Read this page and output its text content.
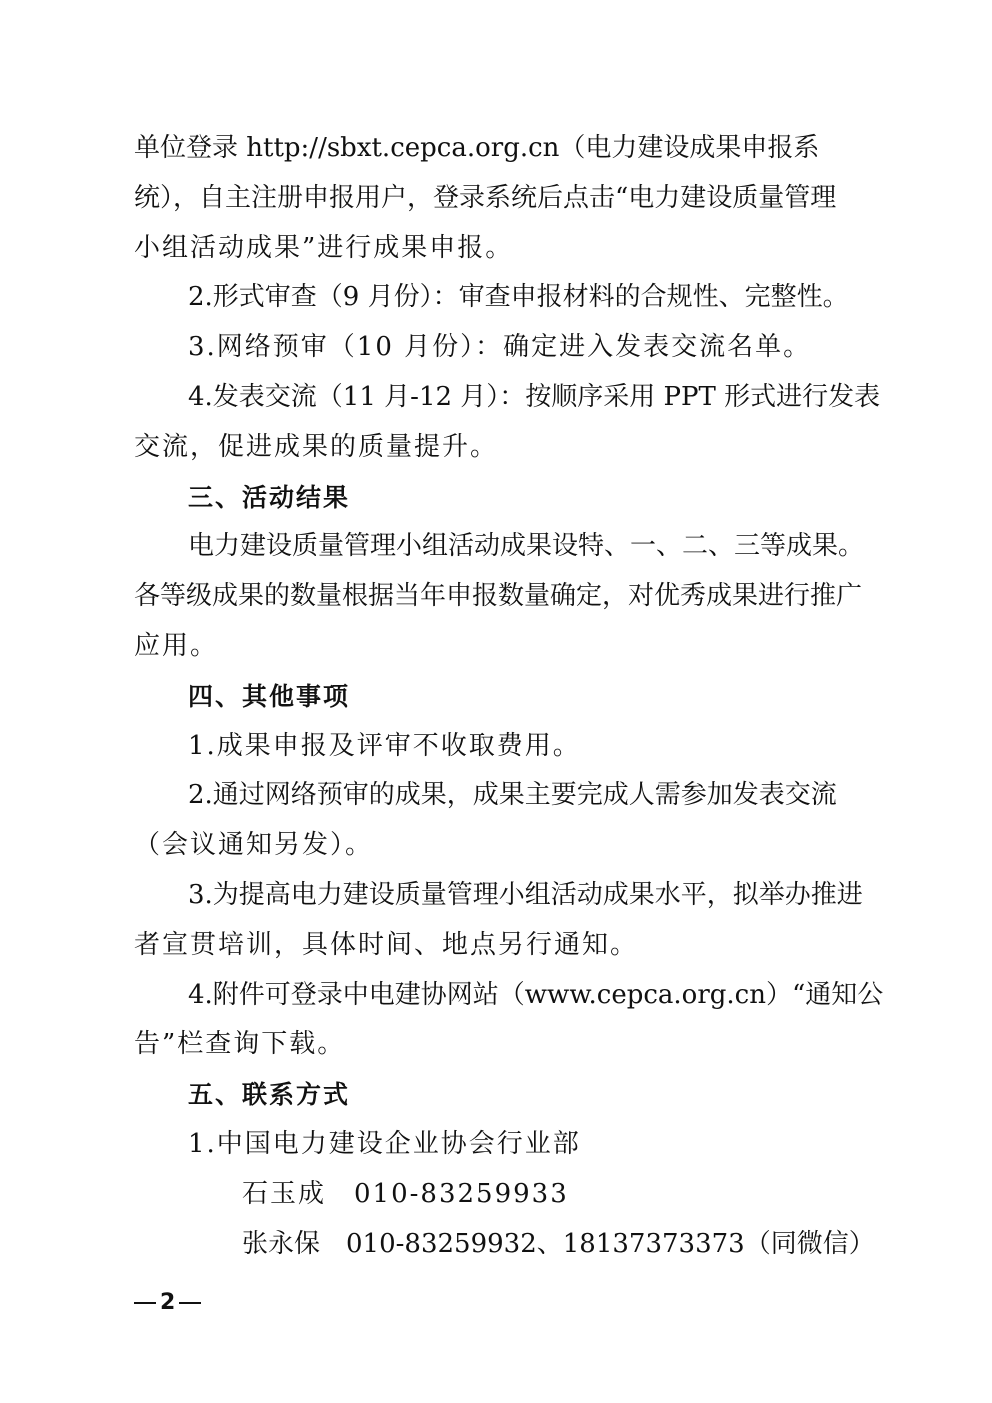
单位登录 http://sbxt.cepca.org.cn（电力建设成果申报系
统），自主注册申报用户，登录系统后点击“电力建设质量管理
小组活动成果”进行成果申报。
2.形式审查（9 月份）：审查申报材料的合规性、完整性。
3.网络预审（10 月份）：确定进入发表交流名单。
4.发表交流（11 月-12 月）：按顺序采用 PPT 形式进行发表
交流，促进成果的质量提升。
三、活动结果
电力建设质量管理小组活动成果设特、一、二、三等成果。
各等级成果的数量根据当年申报数量确定，对优秀成果进行推广
应用。
四、其他事项
1.成果申报及评审不收取费用。
2.通过网络预审的成果，成果主要完成人需参加发表交流
（会议通知另发）。
3.为提高电力建设质量管理小组活动成果水平，拟举办推进
者宣贯培训，具体时间、地点另行通知。
4.附件可登录中电建协网站（www.cepca.org.cn）“通知公
告”栏查询下载。
五、联系方式
1.中国电力建设企业协会行业部
石玉成　010-83259933
张永保　010-83259932、18137373373（同微信）
2
